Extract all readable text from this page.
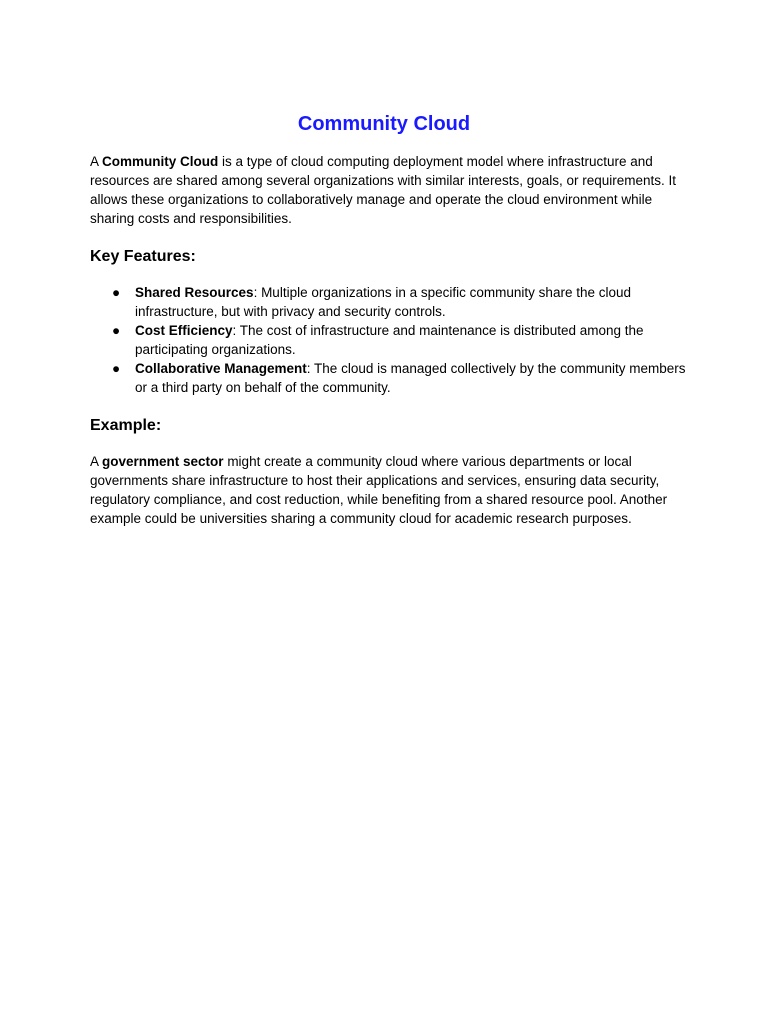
Community Cloud

A Community Cloud is a type of cloud computing deployment model where infrastructure and resources are shared among several organizations with similar interests, goals, or requirements. It allows these organizations to collaboratively manage and operate the cloud environment while sharing costs and responsibilities.

Key Features:
● Shared Resources: Multiple organizations in a specific community share the cloud infrastructure, but with privacy and security controls.
● Cost Efficiency: The cost of infrastructure and maintenance is distributed among the participating organizations.
● Collaborative Management: The cloud is managed collectively by the community members or a third party on behalf of the community.
Example:

A government sector might create a community cloud where various departments or local governments share infrastructure to host their applications and services, ensuring data security, regulatory compliance, and cost reduction, while benefiting from a shared resource pool. Another example could be universities sharing a community cloud for academic research purposes.
